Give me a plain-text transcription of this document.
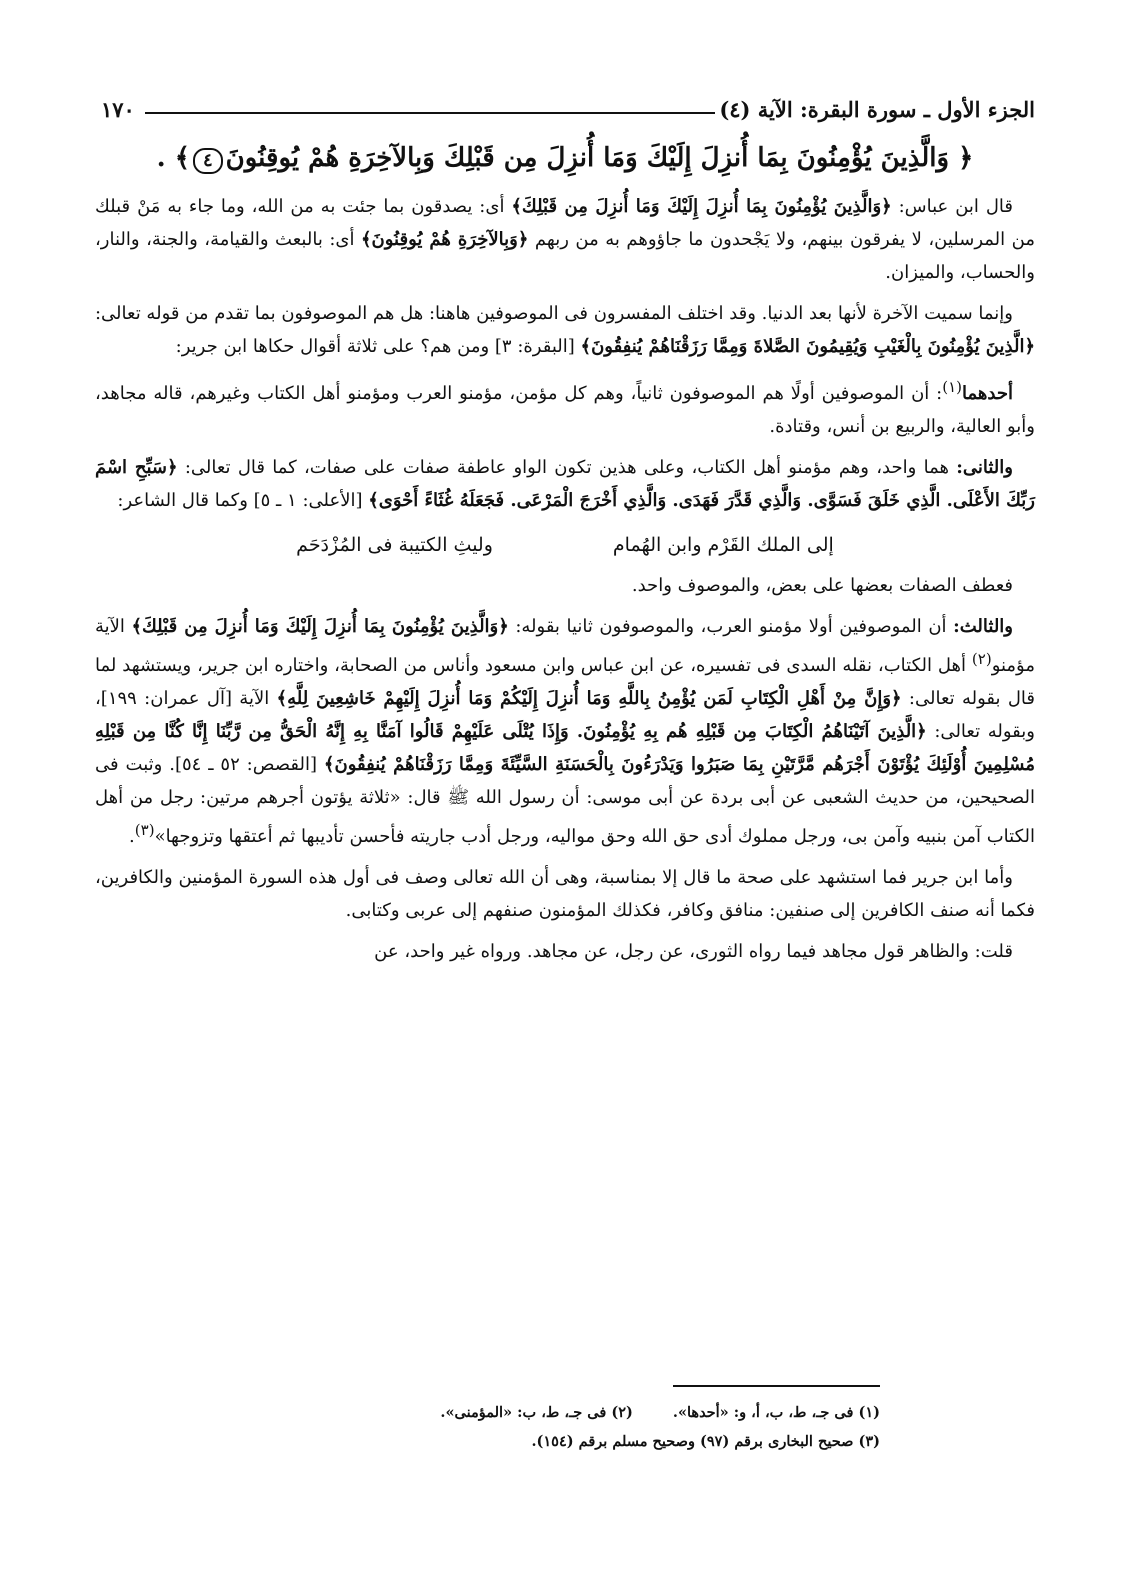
الجزء الأول ـ سورة البقرة: الآية (٤)
١٧٠
﴿ وَالَّذِينَ يُؤْمِنُونَ بِمَا أُنزِلَ إِلَيْكَ وَمَا أُنزِلَ مِن قَبْلِكَ وَبِالآخِرَةِ هُمْ يُوقِنُونَ٤﴾ .

قال ابن عباس: ﴿وَالَّذِينَ يُؤْمِنُونَ بِمَا أُنزِلَ إِلَيْكَ وَمَا أُنزِلَ مِن قَبْلِكَ﴾ أى: يصدقون بما جئت به من الله، وما جاء به مَنْ قبلك من المرسلين، لا يفرقون بينهم، ولا يَجْحدون ما جاؤوهم به من ربهم ﴿وَبِالآخِرَةِ هُمْ يُوقِنُونَ﴾ أى: بالبعث والقيامة، والجنة، والنار، والحساب، والميزان.

وإنما سميت الآخرة لأنها بعد الدنيا. وقد اختلف المفسرون فى الموصوفين هاهنا: هل هم الموصوفون بما تقدم من قوله تعالى: ﴿الَّذِينَ يُؤْمِنُونَ بِالْغَيْبِ وَيُقِيمُونَ الصَّلاةَ وَمِمَّا رَزَقْنَاهُمْ يُنفِقُونَ﴾ [البقرة: ٣] ومن هم؟ على ثلاثة أقوال حكاها ابن جرير:

أحدهما$^{(١)}$: أن الموصوفين أولًا هم الموصوفون ثانياً، وهم كل مؤمن، مؤمنو العرب ومؤمنو أهل الكتاب وغيرهم، قاله مجاهد، وأبو العالية، والربيع بن أنس، وقتادة.

والثانى: هما واحد، وهم مؤمنو أهل الكتاب، وعلى هذين تكون الواو عاطفة صفات على صفات، كما قال تعالى: ﴿سَبِّحِ اسْمَ رَبِّكَ الأَعْلَى. الَّذِي خَلَقَ فَسَوَّى. وَالَّذِي قَدَّرَ فَهَدَى. وَالَّذِي أَخْرَجَ الْمَرْعَى. فَجَعَلَهُ غُثَاءً أَحْوَى﴾ [الأعلى: ١ ـ ٥] وكما قال الشاعر:

إلى الملك القَرْم وابن الهُمام
وليثِ الكتيبة فى المُزْدَحَم

فعطف الصفات بعضها على بعض، والموصوف واحد.

والثالث: أن الموصوفين أولا مؤمنو العرب، والموصوفون ثانيا بقوله: ﴿وَالَّذِينَ يُؤْمِنُونَ بِمَا أُنزِلَ إِلَيْكَ وَمَا أُنزِلَ مِن قَبْلِكَ﴾ الآية مؤمنو$^{(٢)}$ أهل الكتاب، نقله السدى فى تفسيره، عن ابن عباس وابن مسعود وأناس من الصحابة، واختاره ابن جرير، ويستشهد لما قال بقوله تعالى: ﴿وَإِنَّ مِنْ أَهْلِ الْكِتَابِ لَمَن يُؤْمِنُ بِاللَّهِ وَمَا أُنزِلَ إِلَيْكُمْ وَمَا أُنزِلَ إِلَيْهِمْ خَاشِعِينَ لِلَّهِ﴾ الآية [آل عمران: ١٩٩]، وبقوله تعالى: ﴿الَّذِينَ آتَيْنَاهُمُ الْكِتَابَ مِن قَبْلِهِ هُم بِهِ يُؤْمِنُونَ. وَإِذَا يُتْلَى عَلَيْهِمْ قَالُوا آمَنَّا بِهِ إِنَّهُ الْحَقُّ مِن رَّبِّنَا إِنَّا كُنَّا مِن قَبْلِهِ مُسْلِمِينَ أُوْلَئِكَ يُؤْتَوْنَ أَجْرَهُم مَّرَّتَيْنِ بِمَا صَبَرُوا وَيَدْرَءُونَ بِالْحَسَنَةِ السَّيِّئَةَ وَمِمَّا رَزَقْنَاهُمْ يُنفِقُونَ﴾ [القصص: ٥٢ ـ ٥٤]. وثبت فى الصحيحين، من حديث الشعبى عن أبى بردة عن أبى موسى: أن رسول الله ﷺ قال: «ثلاثة يؤتون أجرهم مرتين: رجل من أهل الكتاب آمن بنبيه وآمن بى، ورجل مملوك أدى حق الله وحق مواليه، ورجل أدب جاريته فأحسن تأديبها ثم أعتقها وتزوجها»$^{(٣)}$.

وأما ابن جرير فما استشهد على صحة ما قال إلا بمناسبة، وهى أن الله تعالى وصف فى أول هذه السورة المؤمنين والكافرين، فكما أنه صنف الكافرين إلى صنفين: منافق وكافر، فكذلك المؤمنون صنفهم إلى عربى وكتابى.

قلت: والظاهر قول مجاهد فيما رواه الثورى، عن رجل، عن مجاهد. ورواه غير واحد، عن

(١) فى جـ، ط، ب، أ، و: «أحدها».
(٢) فى جـ، ط، ب: «المؤمنى».
(٣) صحيح البخارى برقم (٩٧) وصحيح مسلم برقم (١٥٤).
